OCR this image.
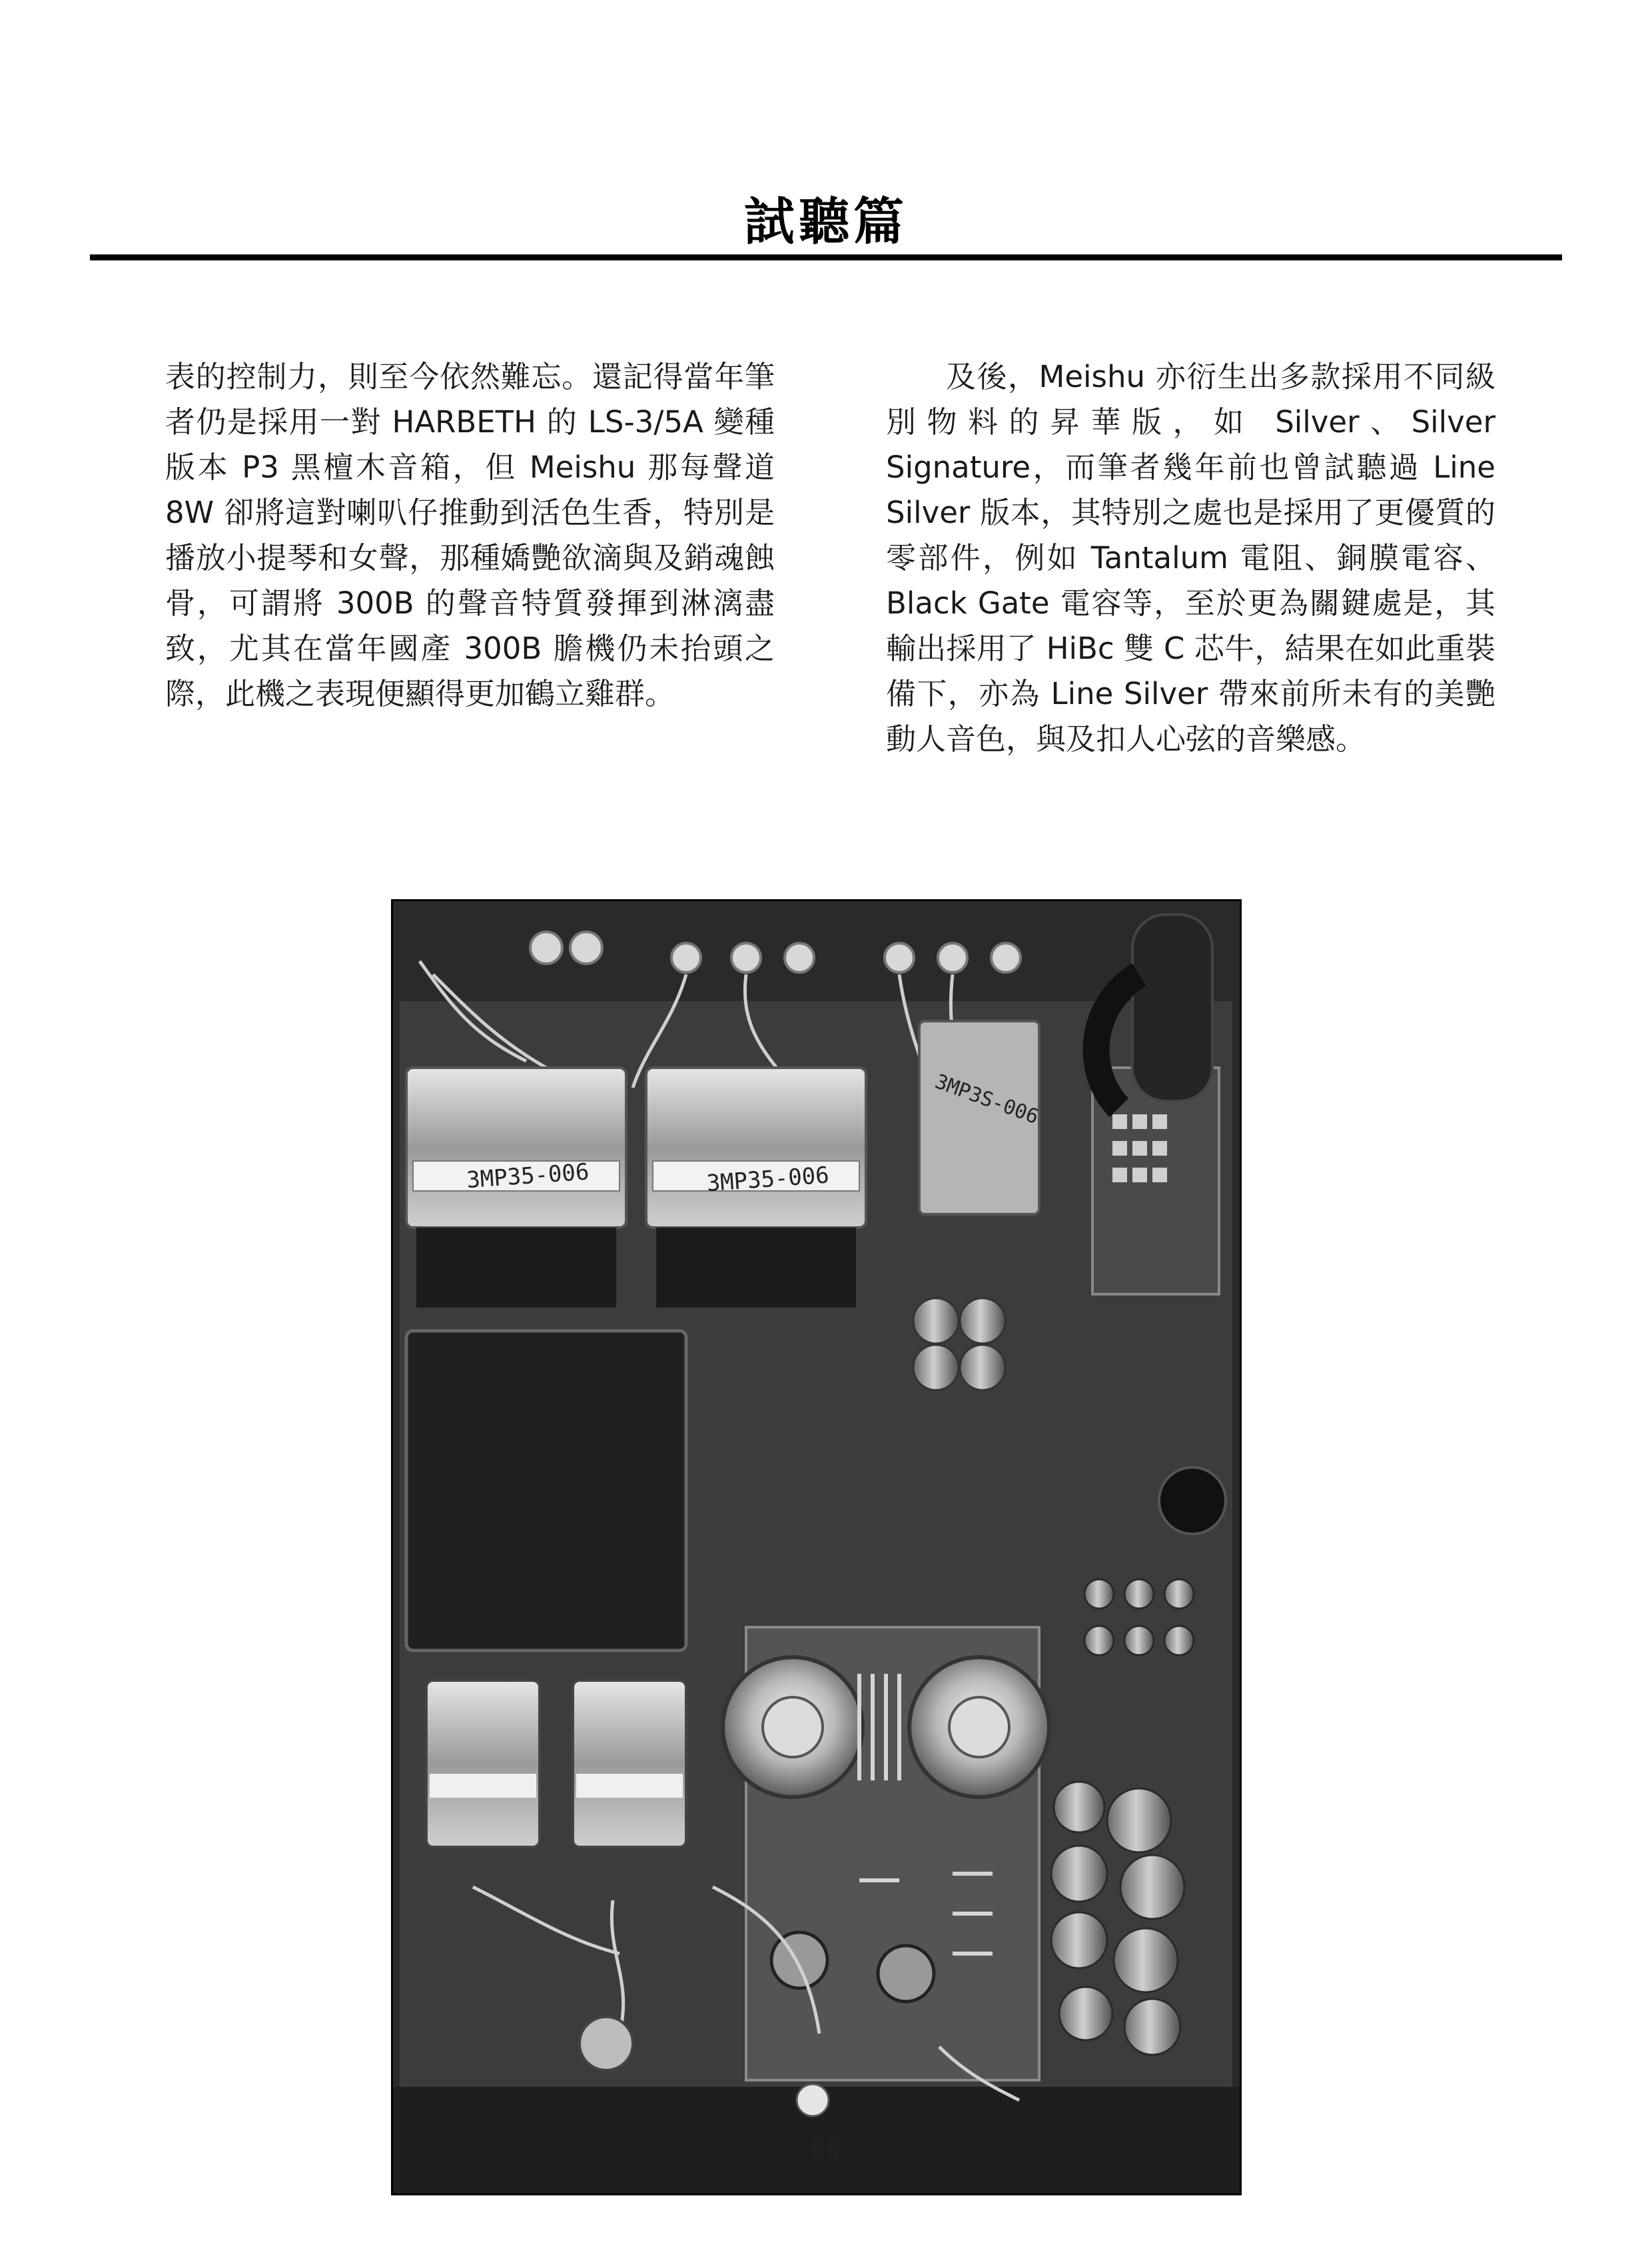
試聽篇

表的控制力，則至今依然難忘。還記得當年筆者仍是採用一對 HARBETH 的 LS-3/5A 變種版本 P3 黑檀木音箱，但 Meishu 那每聲道 8W 卻將這對喇叭仔推動到活色生香，特別是播放小提琴和女聲，那種嬌艷欲滴與及銷魂蝕骨，可謂將 300B 的聲音特質發揮到淋漓盡致，尤其在當年國產 300B 膽機仍未抬頭之際，此機之表現便顯得更加鶴立雞群。

及後，Meishu 亦衍生出多款採用不同級別物料的昇華版，如 Silver、Silver Signature，而筆者幾年前也曾試聽過 Line Silver 版本，其特別之處也是採用了更優質的零部件，例如 Tantalum 電阻、銅膜電容、Black Gate 電容等，至於更為關鍵處是，其輸出採用了 HiBc 雙 C 芯牛，結果在如此重裝備下，亦為 Line Silver 帶來前所未有的美艷動人音色，與及扣人心弦的音樂感。

3MP35-006	3MP35-006
3MP3S-006
55
